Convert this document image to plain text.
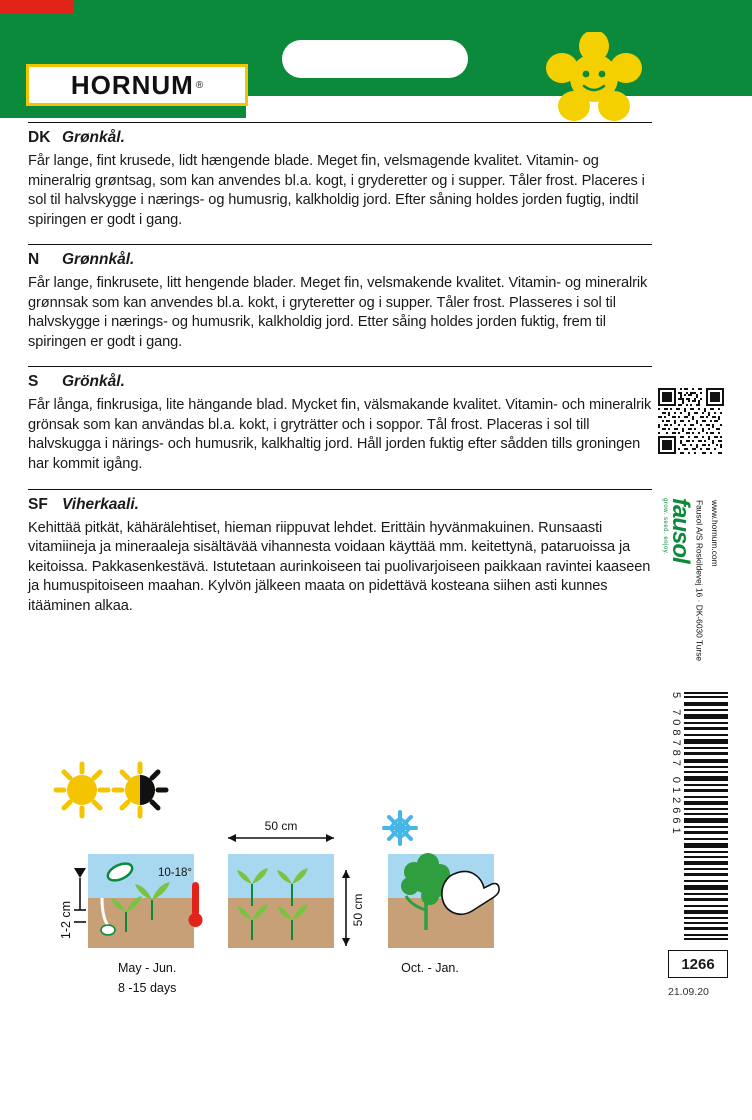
HORNUM ®
DK Grønkål.
Får lange, fint krusede, lidt hængende blade. Meget fin, velsmagende kvalitet. Vitamin- og mineralrig grøntsag, som kan anvendes bl.a. kogt, i gryderetter og i supper. Tåler frost. Placeres i sol til halvskygge i nærings- og humusrig, kalkholdig jord. Efter såning holdes jorden fugtig, indtil spiringen er godt i gang.
N Grønnkål.
Får lange, finkrusete, litt hengende blader. Meget fin, velsmakende kvalitet. Vitamin- og mineralrik grønnsak som kan anvendes bl.a. kokt, i gryteretter og i supper. Tåler frost. Plasseres i sol til halvskygge i nærings- og humusrik, kalkholdig jord. Etter såing holdes jorden fuktig, frem til spiringen er godt i gang.
S Grönkål.
Får långa, finkrusiga, lite hängande blad. Mycket fin, välsmakande kvalitet. Vitamin- och mineralrik grönsak som kan användas bl.a. kokt, i gryträtter och i soppor. Tål frost. Placeras i sol till halvskugga i närings- och humusrik, kalkhaltig jord. Håll jorden fuktig efter sådden tills groningen har kommit igång.
SF Viherkaali.
Kehittää pitkät, kähärälehtiset, hieman riippuvat lehdet. Erittäin hyvänmakuinen. Runsaasti vitamiineja ja mineraaleja sisältävää vihannesta voidaan käyttää mm. keitettynä, pataruoissa ja keitoissa. Pakkasenkestävä. Istutetaan aurinkoiseen tai puolivarjoiseen paikkaan ravintei kaaseen ja humuspitoiseen maahan. Kylvön jälkeen maata on pidettävä kosteana siihen asti kunnes itääminen alkaa.
grow. seed. enjoy. fausol Fausol A/S Roskildevej 16 · DK-6030 Turse www.hornum.com
5 708787 012661
1266
21.09.20
1-2 cm
10-18°
May - Jun.
8 -15 days
50 cm
50 cm
Oct. - Jan.
